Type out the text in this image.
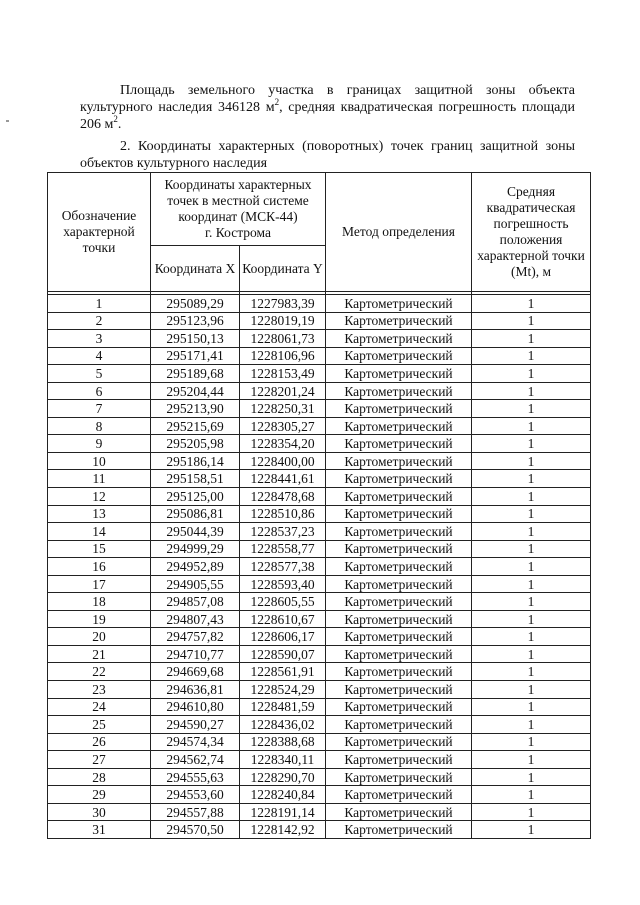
Площадь земельного участка в границах защитной зоны объекта культурного наследия 346128 $м^2$, средняя квадратическая погрешность площади 206 $м^2$.

2. Координаты характерных (поворотных) точек границ защитной зоны объектов культурного наследия

Обозначение характерной точки	Координаты характерных точек в местной системе координат (МСК-44)
г. Кострома		Метод определения	Средняя квадратическая погрешность положения характерной точки (Mt), м
	Координата X	Координата Y		

1	295089,29	1227983,39	Картометрический	1
2	295123,96	1228019,19	Картометрический	1
3	295150,13	1228061,73	Картометрический	1
4	295171,41	1228106,96	Картометрический	1
5	295189,68	1228153,49	Картометрический	1
6	295204,44	1228201,24	Картометрический	1
7	295213,90	1228250,31	Картометрический	1
8	295215,69	1228305,27	Картометрический	1
9	295205,98	1228354,20	Картометрический	1
10	295186,14	1228400,00	Картометрический	1
11	295158,51	1228441,61	Картометрический	1
12	295125,00	1228478,68	Картометрический	1
13	295086,81	1228510,86	Картометрический	1
14	295044,39	1228537,23	Картометрический	1
15	294999,29	1228558,77	Картометрический	1
16	294952,89	1228577,38	Картометрический	1
17	294905,55	1228593,40	Картометрический	1
18	294857,08	1228605,55	Картометрический	1
19	294807,43	1228610,67	Картометрический	1
20	294757,82	1228606,17	Картометрический	1
21	294710,77	1228590,07	Картометрический	1
22	294669,68	1228561,91	Картометрический	1
23	294636,81	1228524,29	Картометрический	1
24	294610,80	1228481,59	Картометрический	1
25	294590,27	1228436,02	Картометрический	1
26	294574,34	1228388,68	Картометрический	1
27	294562,74	1228340,11	Картометрический	1
28	294555,63	1228290,70	Картометрический	1
29	294553,60	1228240,84	Картометрический	1
30	294557,88	1228191,14	Картометрический	1
31	294570,50	1228142,92	Картометрический	1
